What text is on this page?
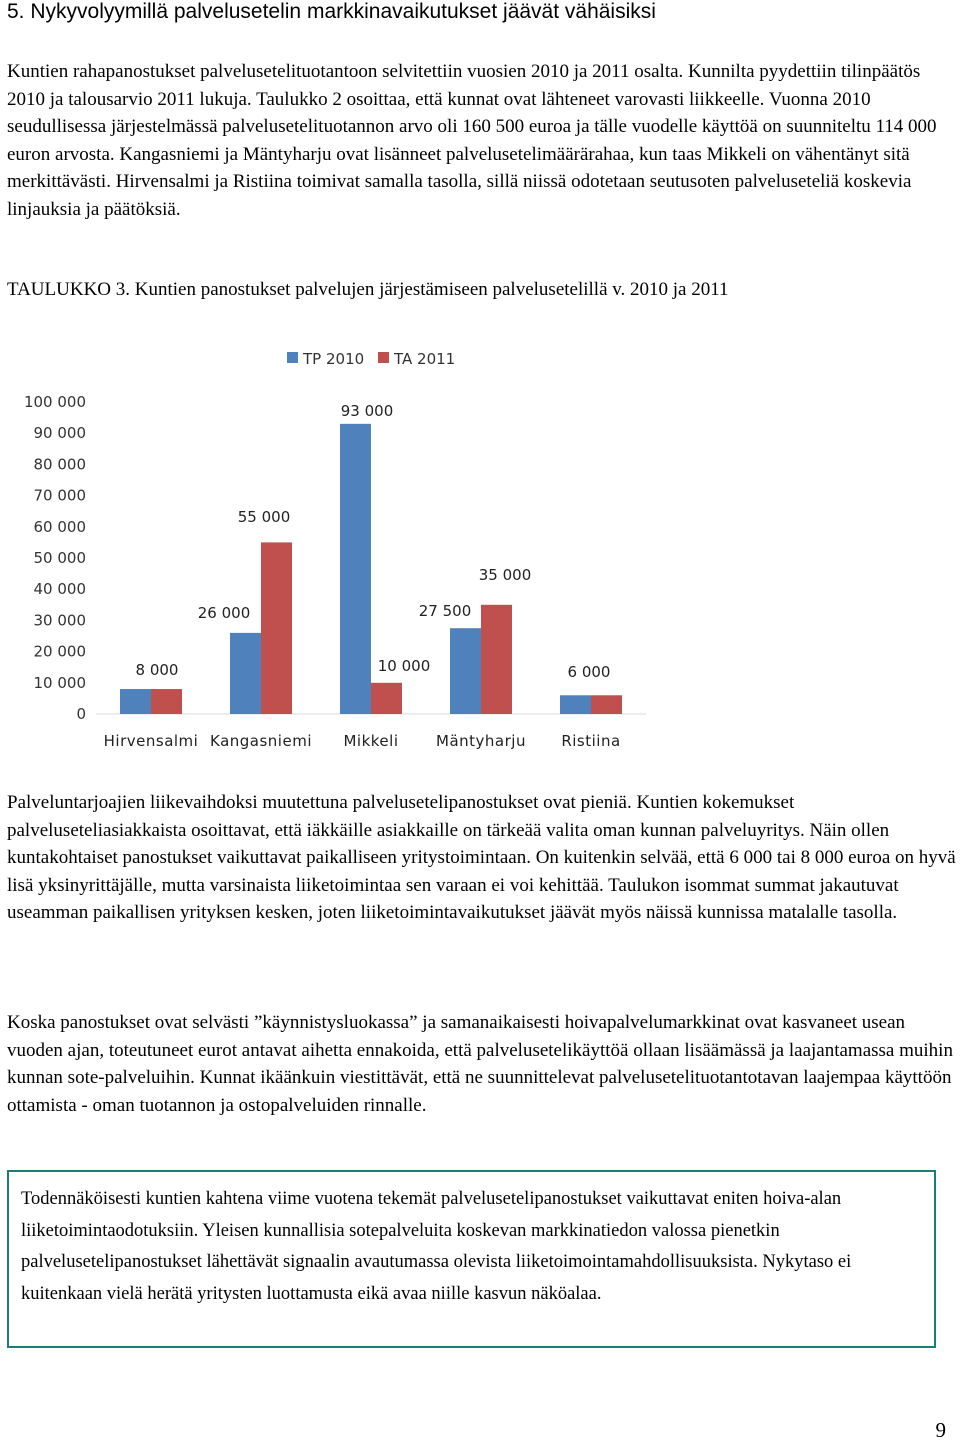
5. Nykyvolyymillä palvelusetelin markkinavaikutukset jäävät vähäisiksi

Kuntien rahapanostukset palvelusetelituotantoon selvitettiin vuosien 2010 ja 2011 osalta. Kunnilta pyydettiin tilinpäätös 2010 ja talousarvio 2011 lukuja. Taulukko 2 osoittaa, että kunnat ovat lähteneet varovasti liikkeelle. Vuonna 2010 seudullisessa järjestelmässä palvelusetelituotannon arvo oli 160 500 euroa ja tälle vuodelle käyttöä on suunniteltu 114 000 euron arvosta. Kangasniemi ja Mäntyharju ovat lisänneet palvelusetelimäärärahaa, kun taas Mikkeli on vähentänyt sitä merkittävästi. Hirvensalmi ja Ristiina toimivat samalla tasolla, sillä niissä odotetaan seutusoten palveluseteliä koskevia linjauksia ja päätöksiä.

TAULUKKO 3. Kuntien panostukset palvelujen järjestämiseen palvelusetelillä v. 2010 ja 2011

TP 2010 TA 2011
0
10 000
20 000
30 000
40 000
50 000
60 000
70 000
80 000
90 000
100 000
8 000
26 000
55 000
93 000
10 000
27 500
35 000
6 000
Hirvensalmi Kangasniemi Mikkeli	Mäntyharju Ristiina

Palveluntarjoajien liikevaihdoksi muutettuna palvelusetelipanostukset ovat pieniä. Kuntien kokemukset palveluseteliasiakkaista osoittavat, että iäkkäille asiakkaille on tärkeää valita oman kunnan palveluyritys. Näin ollen kuntakohtaiset panostukset vaikuttavat paikalliseen yritystoimintaan. On kuitenkin selvää, että 6 000 tai 8 000 euroa on hyvä lisä yksinyrittäjälle, mutta varsinaista liiketoimintaa sen varaan ei voi kehittää. Taulukon isommat summat jakautuvat useamman paikallisen yrityksen kesken, joten liiketoimintavaikutukset jäävät myös näissä kunnissa matalalle tasolla.

Koska panostukset ovat selvästi ”käynnistysluokassa” ja samanaikaisesti hoivapalvelumarkkinat ovat kasvaneet usean vuoden ajan, toteutuneet eurot antavat aihetta ennakoida, että palvelusetelikäyttöä ollaan lisäämässä ja laajantamassa muihin kunnan sote-palveluihin. Kunnat ikäänkuin viestittävät, että ne suunnittelevat palvelusetelituotantotavan laajempaa käyttöön ottamista - oman tuotannon ja ostopalveluiden rinnalle.

Todennäköisesti kuntien kahtena viime vuotena tekemät palvelusetelipanostukset vaikuttavat eniten hoiva-alan liiketoimintaodotuksiin. Yleisen kunnallisia sotepalveluita koskevan markkinatiedon valossa pienetkin palvelusetelipanostukset lähettävät signaalin avautumassa olevista liiketoimointamahdollisuuksista. Nykytaso ei kuitenkaan vielä herätä yritysten luottamusta eikä avaa niille kasvun näköalaa.
9
